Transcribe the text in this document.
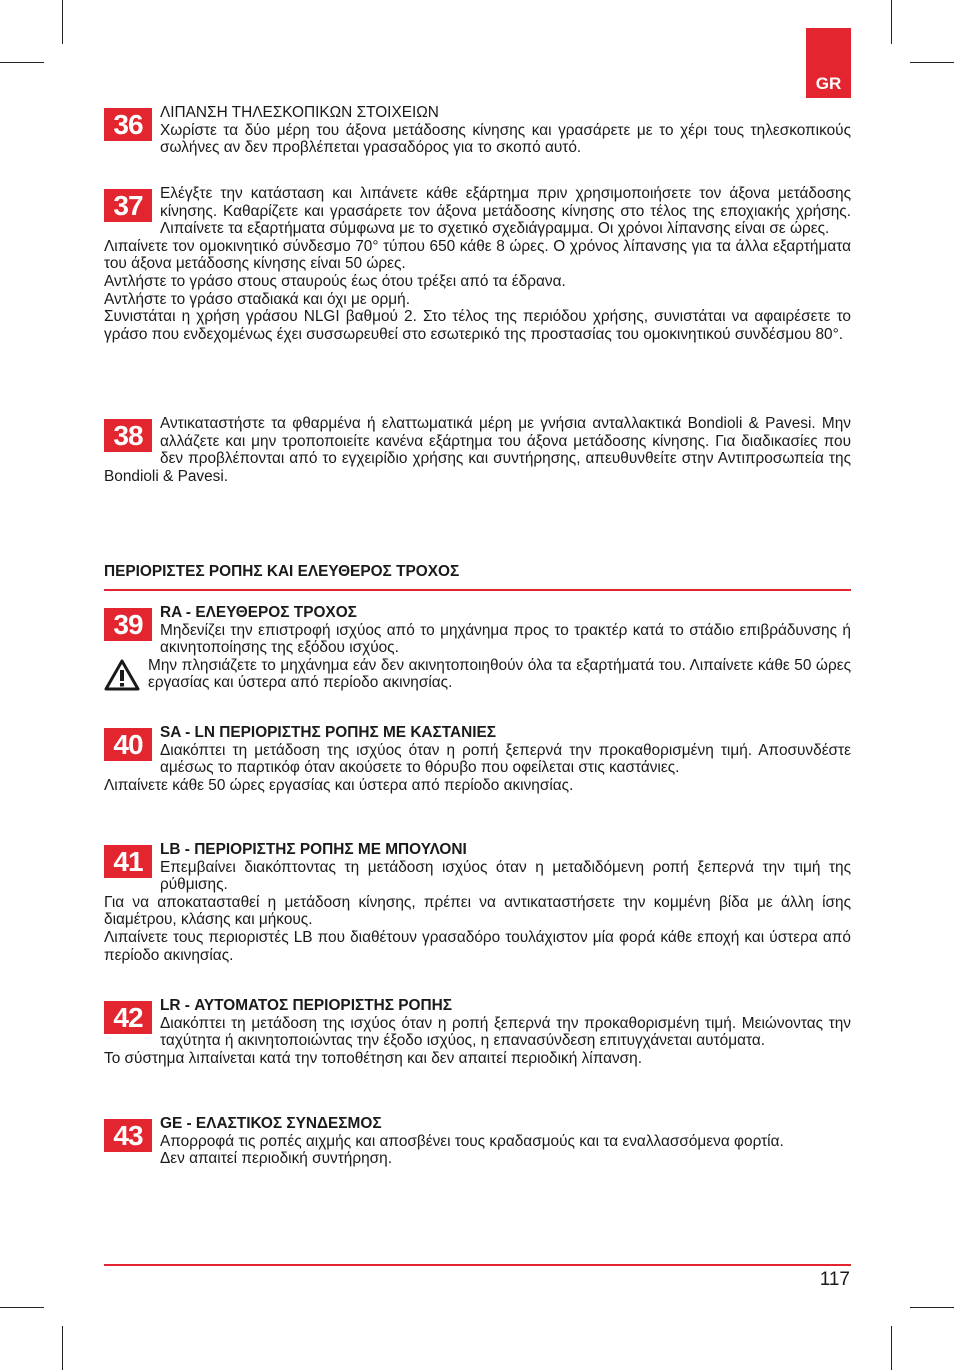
GR
36	ΛΙΠΑΝΣΗ ΤΗΛΕΣΚΟΠΙΚΩΝ ΣΤΟΙΧΕΙΩΝ

Χωρίστε τα δύο μέρη του άξονα μετάδοσης κίνησης και γρασάρετε με το χέρι τους τηλεσκοπικούς σωλήνες αν δεν προβλέπεται γρασαδόρος για το σκοπό αυτό.

37	Ελέγξτε την κατάσταση και λιπάνετε κάθε εξάρτημα πριν χρησιμοποιήσετε τον άξονα μετάδοσης κίνησης. Καθαρίζετε και γρασάρετε τον άξονα μετάδοσης κίνησης στο τέλος της εποχιακής χρήσης. Λιπαίνετε τα εξαρτήματα σύμφωνα με το σχετικό σχεδιάγραμμα. Οι χρόνοι λίπανσης είναι σε ώρες.

Λιπαίνετε τον ομοκινητικό σύνδεσμο 70° τύπου 650 κάθε 8 ώρες. Ο χρόνος λίπανσης για τα άλλα εξαρτήματα του άξονα μετάδοσης κίνησης είναι 50 ώρες.

Αντλήστε το γράσο στους σταυρούς έως ότου τρέξει από τα έδρανα.

Αντλήστε το γράσο σταδιακά και όχι με ορμή.

Συνιστάται η χρήση γράσου NLGI βαθμού 2. Στο τέλος της περιόδου χρήσης, συνιστάται να αφαιρέσετε το γράσο που ενδεχομένως έχει συσσωρευθεί στο εσωτερικό της προστασίας του ομοκινητικού συνδέσμου 80°.

38	Αντικαταστήστε τα φθαρμένα ή ελαττωματικά μέρη με γνήσια ανταλλακτικά Bondioli & Pavesi. Μην αλλάζετε και μην τροποποιείτε κανένα εξάρτημα του άξονα μετάδοσης κίνησης. Για διαδικασίες που δεν προβλέπονται από το εγχειρίδιο χρήσης και συντήρησης, απευθυνθείτε στην Αντιπροσωπεία της Bondioli & Pavesi.

ΠΕΡΙΟΡΙΣΤΕΣ ΡΟΠΗΣ ΚΑΙ ΕΛΕΥΘΕΡΟΣ ΤΡΟΧΟΣ
39	RA - ΕΛΕΥΘΕΡΟΣ ΤΡΟΧΟΣ

Μηδενίζει την επιστροφή ισχύος από το μηχάνημα προς το τρακτέρ κατά το στάδιο επιβράδυνσης ή ακινητοποίησης της εξόδου ισχύος.

Μην πλησιάζετε το μηχάνημα εάν δεν ακινητοποιηθούν όλα τα εξαρτήματά του. Λιπαίνετε κάθε 50 ώρες εργασίας και ύστερα από περίοδο ακινησίας.

40	SA - LN ΠΕΡΙΟΡΙΣΤΗΣ ΡΟΠΗΣ ΜΕ ΚΑΣΤΑΝΙΕΣ

Διακόπτει τη μετάδοση της ισχύος όταν η ροπή ξεπερνά την προκαθορισμένη τιμή. Αποσυνδέστε αμέσως το παρτικόφ όταν ακούσετε το θόρυβο που οφείλεται στις καστάνιες.

Λιπαίνετε κάθε 50 ώρες εργασίας και ύστερα από περίοδο ακινησίας.

41	LB - ΠΕΡΙΟΡΙΣΤΗΣ ΡΟΠΗΣ ΜΕ ΜΠΟΥΛΟΝΙ

Επεμβαίνει διακόπτοντας τη μετάδοση ισχύος όταν η μεταδιδόμενη ροπή ξεπερνά την τιμή της ρύθμισης.

Για να αποκατασταθεί η μετάδοση κίνησης, πρέπει να αντικαταστήσετε την κομμένη βίδα με άλλη ίσης διαμέτρου, κλάσης και μήκους.

Λιπαίνετε τους περιοριστές LB που διαθέτουν γρασαδόρο τουλάχιστον μία φορά κάθε εποχή και ύστερα από περίοδο ακινησίας.

42	LR - ΑΥΤΟΜΑΤΟΣ ΠΕΡΙΟΡΙΣΤΗΣ ΡΟΠΗΣ

Διακόπτει τη μετάδοση της ισχύος όταν η ροπή ξεπερνά την προκαθορισμένη τιμή. Μειώνοντας την ταχύτητα ή ακινητοποιώντας την έξοδο ισχύος, η επανασύνδεση επιτυγχάνεται αυτόματα.

Το σύστημα λιπαίνεται κατά την τοποθέτηση και δεν απαιτεί περιοδική λίπανση.

43	GE - ΕΛΑΣΤΙΚΟΣ ΣΥΝΔΕΣΜΟΣ

Απορροφά τις ροπές αιχμής και αποσβένει τους κραδασμούς και τα εναλλασσόμενα φορτία.

Δεν απαιτεί περιοδική συντήρηση.

117
